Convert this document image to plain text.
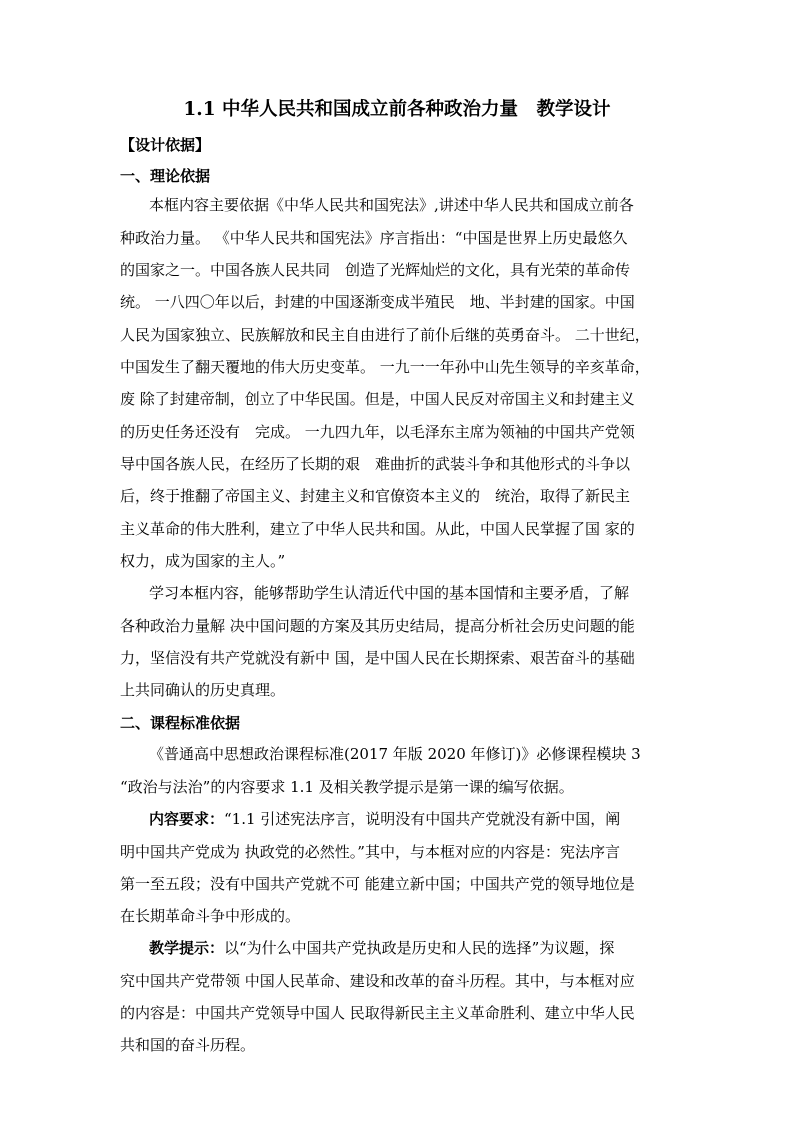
1.1 中华人民共和国成立前各种政治力量　教学设计
【设计依据】
一、理论依据
本框内容主要依据《中华人民共和国宪法》,讲述中华人民共和国成立前各
种政治力量。 《中华人民共和国宪法》序言指出：“中国是世界上历史最悠久
的国家之一。中国各族人民共同　创造了光辉灿烂的文化，具有光荣的革命传
统。 一八四〇年以后，封建的中国逐渐变成半殖民　地、半封建的国家。中国
人民为国家独立、民族解放和民主自由进行了前仆后继的英勇奋斗。 二十世纪，
中国发生了翻天覆地的伟大历史变革。 一九一一年孙中山先生领导的辛亥革命，
废 除了封建帝制，创立了中华民国。但是，中国人民反对帝国主义和封建主义
的历史任务还没有　完成。 一九四九年，以毛泽东主席为领袖的中国共产党领
导中国各族人民，在经历了长期的艰　难曲折的武装斗争和其他形式的斗争以
后，终于推翻了帝国主义、封建主义和官僚资本主义的　统治，取得了新民主
主义革命的伟大胜利，建立了中华人民共和国。从此，中国人民掌握了国 家的
权力，成为国家的主人。”
学习本框内容，能够帮助学生认清近代中国的基本国情和主要矛盾，了解
各种政治力量解 决中国问题的方案及其历史结局，提高分析社会历史问题的能
力，坚信没有共产党就没有新中 国，是中国人民在长期探索、艰苦奋斗的基础
上共同确认的历史真理。
二、课程标准依据
《普通高中思想政治课程标准(2017 年版 2020 年修订)》必修课程模块 3
“政治与法治”的内容要求 1.1 及相关教学提示是第一课的编写依据。
内容要求：“1.1 引述宪法序言，说明没有中国共产党就没有新中国，阐
明中国共产党成为 执政党的必然性。”其中，与本框对应的内容是：宪法序言
第一至五段；没有中国共产党就不可 能建立新中国；中国共产党的领导地位是
在长期革命斗争中形成的。
教学提示：以“为什么中国共产党执政是历史和人民的选择”为议题，探
究中国共产党带领 中国人民革命、建设和改革的奋斗历程。其中，与本框对应
的内容是：中国共产党领导中国人 民取得新民主主义革命胜利、建立中华人民
共和国的奋斗历程。
